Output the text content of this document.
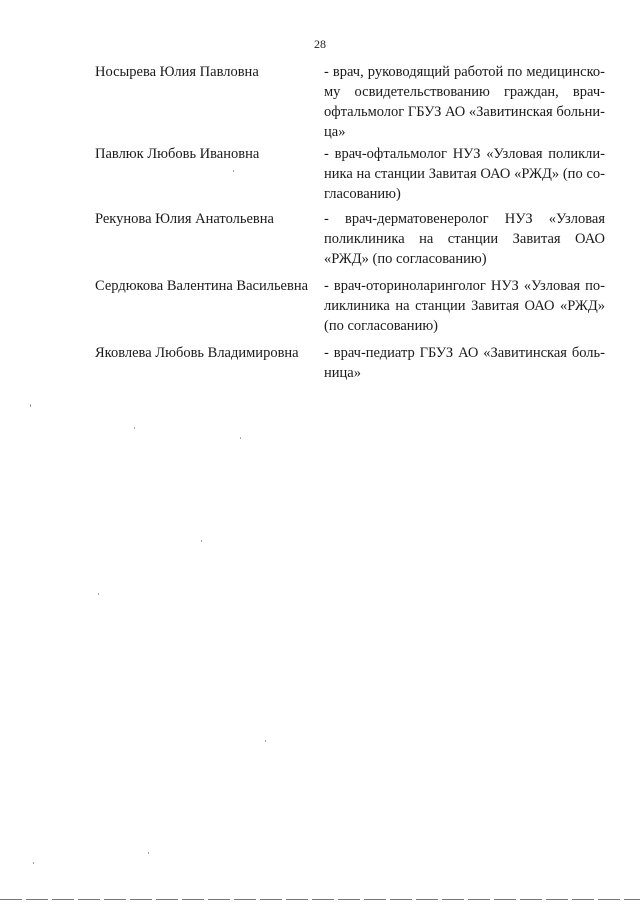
28
Носырева Юлия Павловна	- врач, руководящий работой по медицинскому освидетельствованию граждан, врач-офтальмолог ГБУЗ АО «Завитинская больница»
Павлюк Любовь Ивановна	- врач-офтальмолог НУЗ «Узловая поликлиника на станции Завитая ОАО «РЖД» (по согласованию)
Рекунова Юлия Анатольевна	- врач-дерматовенеролог НУЗ «Узловая поликлиника на станции Завитая ОАО «РЖД» (по согласованию)
Сердюкова Валентина Васильевна - врач-оториноларинголог НУЗ «Узловая поликлиника на станции Завитая ОАО «РЖД» (по согласованию)
Яковлева Любовь Владимировна	- врач-педиатр ГБУЗ АО «Завитинская больница»
